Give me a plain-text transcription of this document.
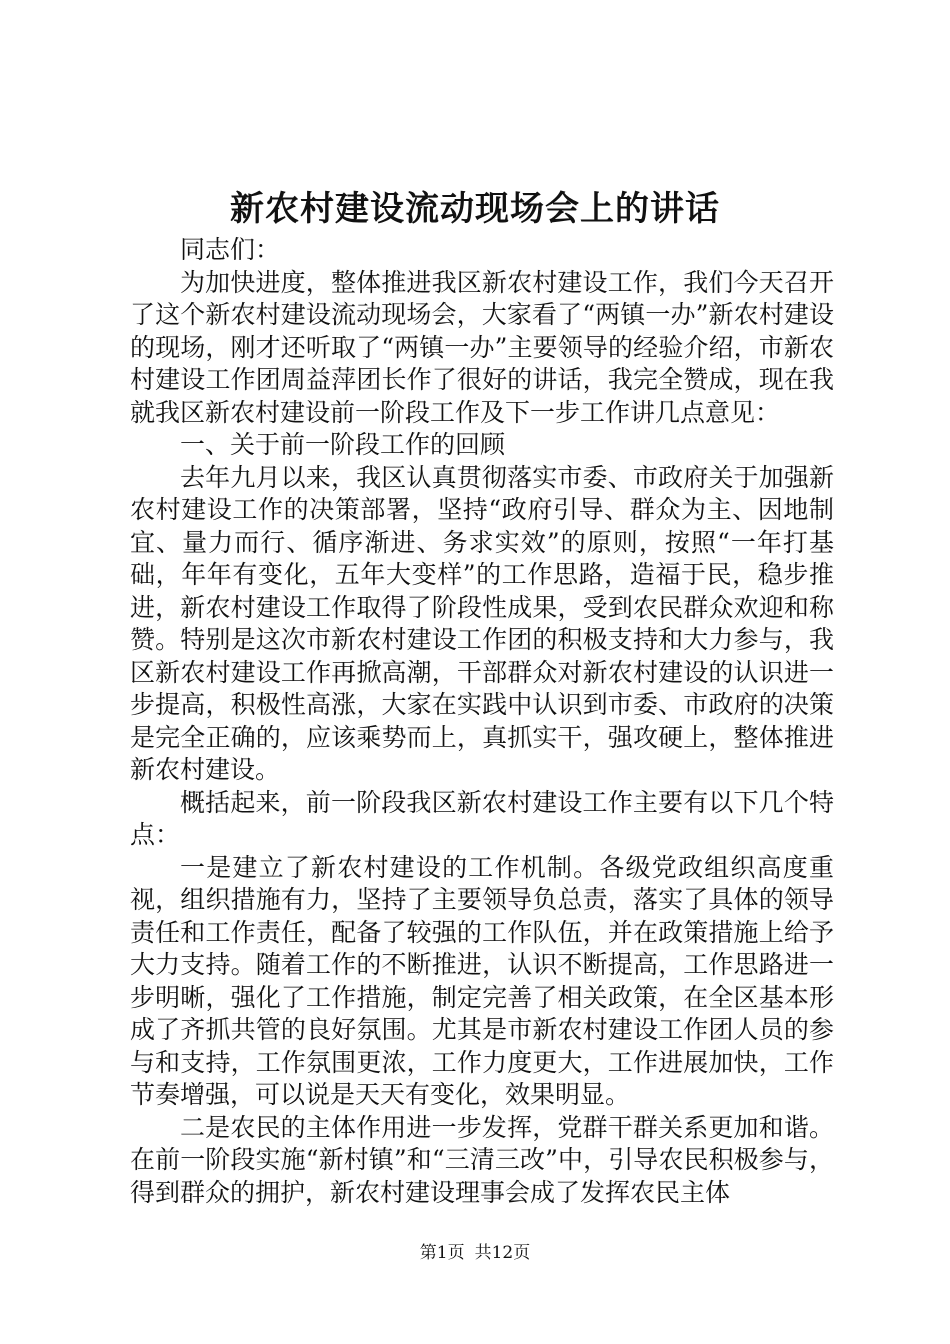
新农村建设流动现场会上的讲话

同志们：

为加快进度，整体推进我区新农村建设工作，我们今天召开了这个新农村建设流动现场会，大家看了“两镇一办”新农村建设的现场，刚才还听取了“两镇一办”主要领导的经验介绍，市新农村建设工作团周益萍团长作了很好的讲话，我完全赞成，现在我就我区新农村建设前一阶段工作及下一步工作讲几点意见：

一、关于前一阶段工作的回顾

去年九月以来，我区认真贯彻落实市委、市政府关于加强新农村建设工作的决策部署，坚持“政府引导、群众为主、因地制宜、量力而行、循序渐进、务求实效”的原则，按照“一年打基础，年年有变化，五年大变样”的工作思路，造福于民，稳步推进，新农村建设工作取得了阶段性成果，受到农民群众欢迎和称赞。特别是这次市新农村建设工作团的积极支持和大力参与，我区新农村建设工作再掀高潮，干部群众对新农村建设的认识进一步提高，积极性高涨，大家在实践中认识到市委、市政府的决策是完全正确的，应该乘势而上，真抓实干，强攻硬上，整体推进新农村建设。

概括起来，前一阶段我区新农村建设工作主要有以下几个特点：

一是建立了新农村建设的工作机制。各级党政组织高度重视，组织措施有力，坚持了主要领导负总责，落实了具体的领导责任和工作责任，配备了较强的工作队伍，并在政策措施上给予大力支持。随着工作的不断推进，认识不断提高，工作思路进一步明晰，强化了工作措施，制定完善了相关政策，在全区基本形成了齐抓共管的良好氛围。尤其是市新农村建设工作团人员的参与和支持，工作氛围更浓，工作力度更大，工作进展加快，工作节奏增强，可以说是天天有变化，效果明显。

二是农民的主体作用进一步发挥，党群干群关系更加和谐。在前一阶段实施“新村镇”和“三清三改”中，引导农民积极参与，得到群众的拥护，新农村建设理事会成了发挥农民主体

第1页 共12页
